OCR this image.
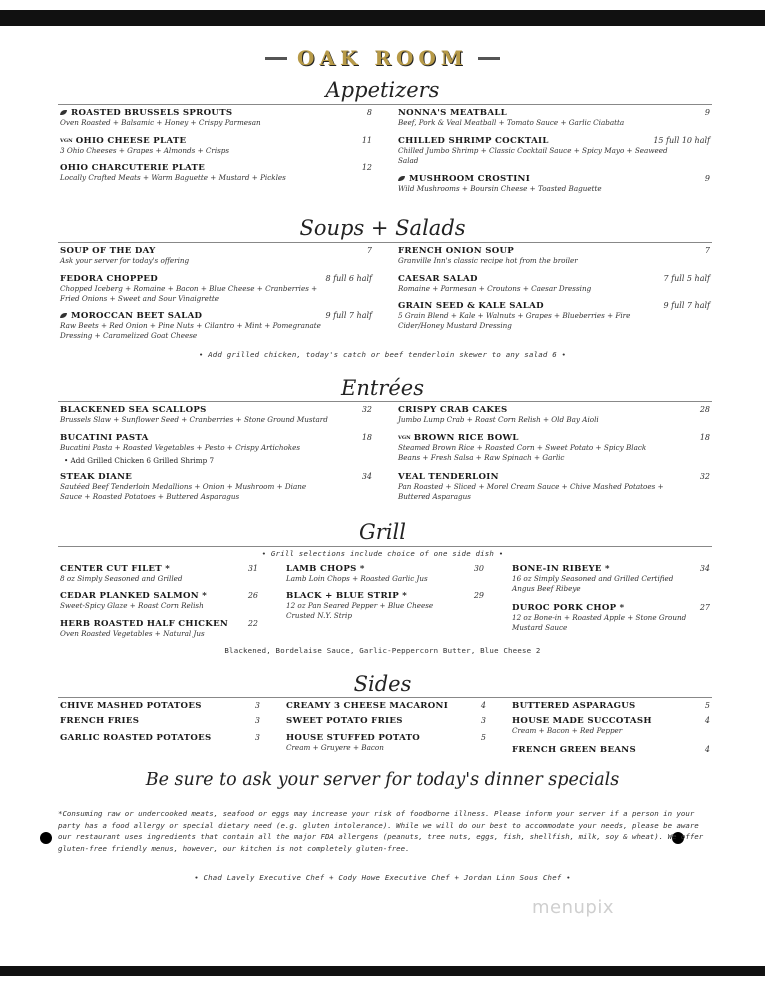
OAK ROOM
Appetizers
ROASTED BRUSSELS SPROUTS
Oven Roasted + Balsamic + Honey + Crispy Parmesan
8
VGN OHIO CHEESE PLATE
3 Ohio Cheeses + Grapes + Almonds + Crisps
11
OHIO CHARCUTERIE PLATE
Locally Crafted Meats + Warm Baguette + Mustard + Pickles
12
NONNA'S MEATBALL
Beef, Pork & Veal Meatball + Tomato Sauce + Garlic Ciabatta
9
CHILLED SHRIMP COCKTAIL
Chilled Jumbo Shrimp + Classic Cocktail Sauce + Spicy Mayo + Seaweed Salad
15 full 10 half
MUSHROOM CROSTINI
Wild Mushrooms + Boursin Cheese + Toasted Baguette
9
Soups + Salads
SOUP OF THE DAY
Ask your server for today's offering
7
FEDORA CHOPPED
Chopped Iceberg + Romaine + Bacon + Blue Cheese + Cranberries + Fried Onions + Sweet and Sour Vinaigrette
8 full 6 half
MOROCCAN BEET SALAD
Raw Beets + Red Onion + Pine Nuts + Cilantro + Mint + Pomegranate Dressing + Caramelized Goat Cheese
9 full 7 half
FRENCH ONION SOUP
Granville Inn's classic recipe hot from the broiler
7
CAESAR SALAD
Romaine + Parmesan + Croutons + Caesar Dressing
7 full 5 half
GRAIN SEED & KALE SALAD
5 Grain Blend + Kale + Walnuts + Grapes + Blueberries + Fire Cider/Honey Mustard Dressing
9 full 7 half
• Add grilled chicken, today's catch or beef tenderloin skewer to any salad 6 •
Entrées
BLACKENED SEA SCALLOPS
Brussels Slaw + Sunflower Seed + Cranberries + Stone Ground Mustard
32
BUCATINI PASTA
Bucatini Pasta + Roasted Vegetables + Pesto + Crispy Artichokes
18
• Add Grilled Chicken 6 Grilled Shrimp 7
STEAK DIANE
Sautéed Beef Tenderloin Medallions + Onion + Mushroom + Diane Sauce + Roasted Potatoes + Buttered Asparagus
34
CRISPY CRAB CAKES
Jumbo Lump Crab + Roast Corn Relish + Old Bay Aioli
28
VGN BROWN RICE BOWL
Steamed Brown Rice + Roasted Corn + Sweet Potato + Spicy Black Beans + Fresh Salsa + Raw Spinach + Garlic
18
VEAL TENDERLOIN
Pan Roasted + Sliced + Morel Cream Sauce + Chive Mashed Potatoes + Buttered Asparagus
32
Grill
• Grill selections include choice of one side dish •
CENTER CUT FILET *
8 oz Simply Seasoned and Grilled
31
CEDAR PLANKED SALMON *
Sweet-Spicy Glaze + Roast Corn Relish
26
HERB ROASTED HALF CHICKEN
Oven Roasted Vegetables + Natural Jus
22
LAMB CHOPS *
Lamb Loin Chops + Roasted Garlic Jus
30
BLACK + BLUE STRIP *
12 oz Pan Seared Pepper + Blue Cheese Crusted N.Y. Strip
29
BONE-IN RIBEYE *
16 oz Simply Seasoned and Grilled Certified Angus Beef Ribeye
34
DUROC PORK CHOP *
12 oz Bone-in + Roasted Apple + Stone Ground Mustard Sauce
27
Blackened, Bordelaise Sauce, Garlic-Peppercorn Butter, Blue Cheese 2
Sides
CHIVE MASHED POTATOES	3
FRENCH FRIES	3
GARLIC ROASTED POTATOES	3
CREAMY 3 CHEESE MACARONI	4
SWEET POTATO FRIES	3
HOUSE STUFFED POTATO
Cream + Gruyere + Bacon
5
BUTTERED ASPARAGUS	5
HOUSE MADE SUCCOTASH
Cream + Bacon + Red Pepper
4
FRENCH GREEN BEANS	4
Be sure to ask your server for today's dinner specials
*Consuming raw or undercooked meats, seafood or eggs may increase your risk of foodborne illness. Please inform your server if a person in your party has a food allergy or special dietary need (e.g. gluten intolerance). While we will do our best to accommodate your needs, please be aware our restaurant uses ingredients that contain all the major FDA allergens (peanuts, tree nuts, eggs, fish, shellfish, milk, soy & wheat). We offer gluten-free friendly menus, however, our kitchen is not completely gluten-free.
• Chad Lavely Executive Chef + Cody Howe Executive Chef + Jordan Linn Sous Chef •
menupix
